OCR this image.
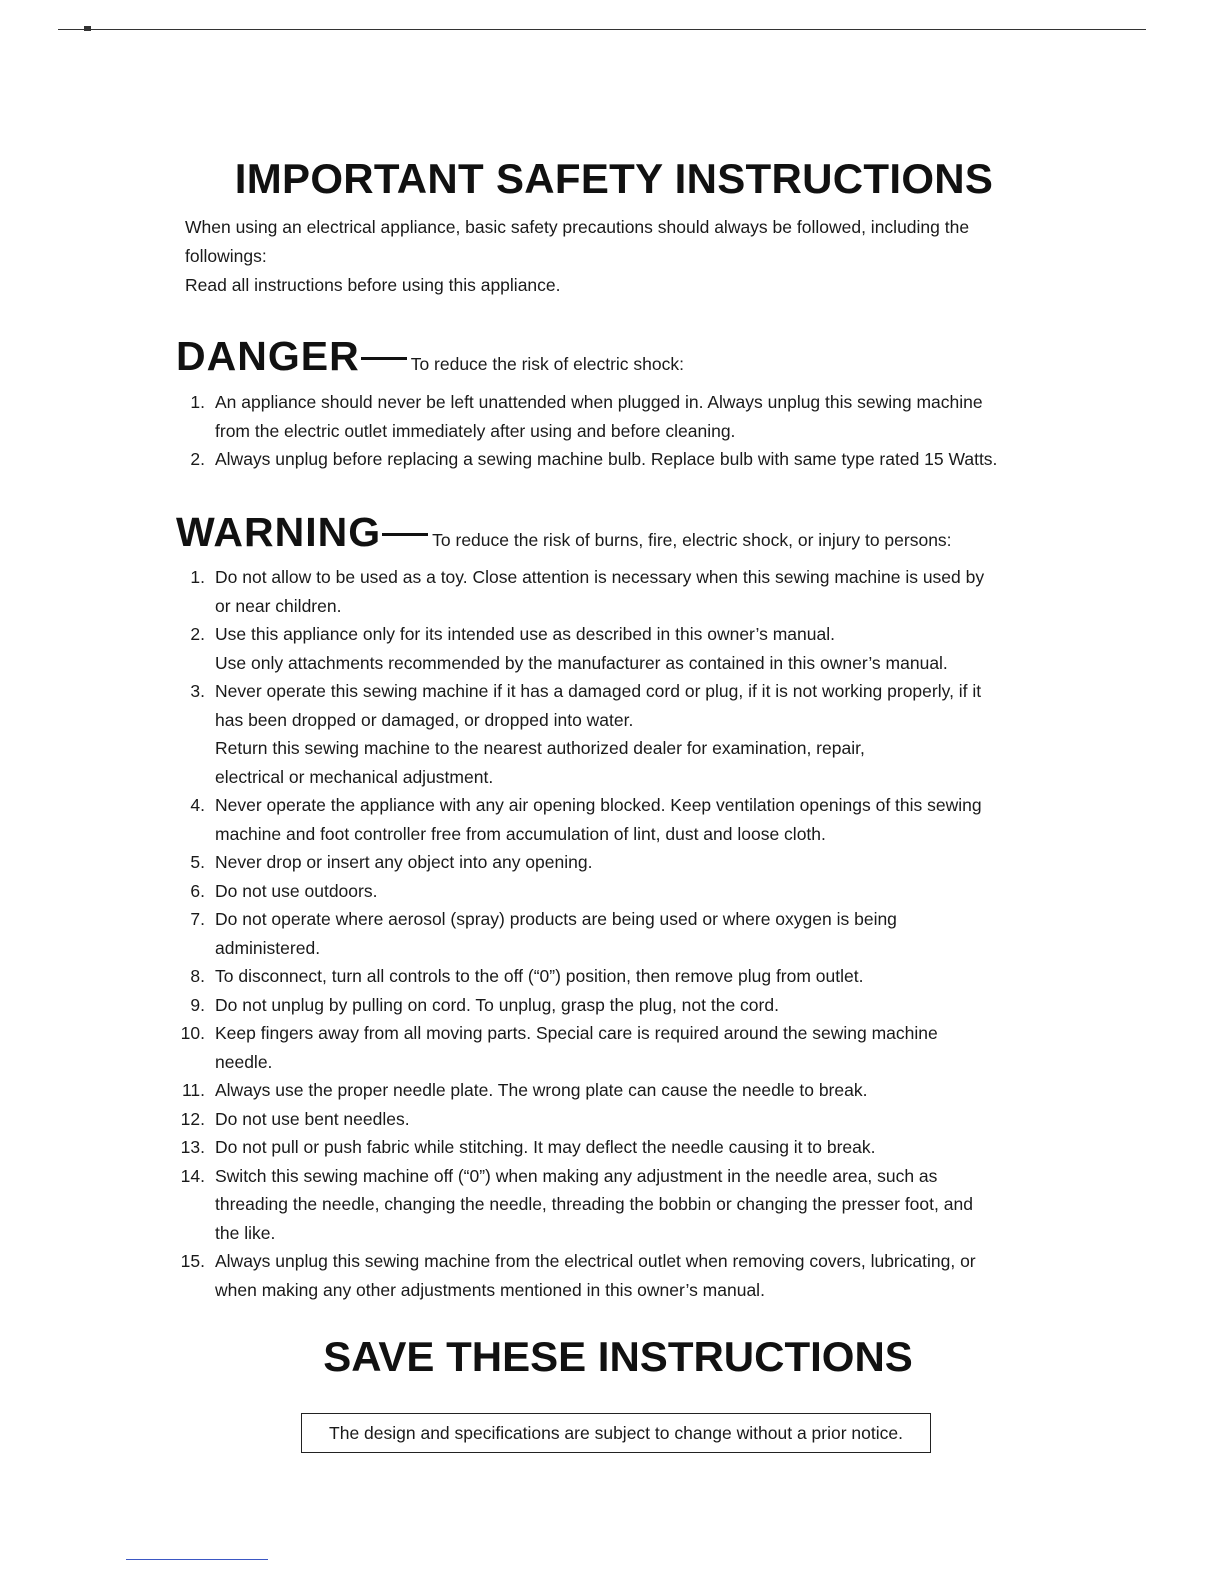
IMPORTANT SAFETY INSTRUCTIONS

When using an electrical appliance, basic safety precautions should always be followed, including the followings:

Read all instructions before using this appliance.

DANGER	To reduce the risk of electric shock:
1. An appliance should never be left unattended when plugged in. Always unplug this sewing machine
from the electric outlet immediately after using and before cleaning.
2. Always unplug before replacing a sewing machine bulb. Replace bulb with same type rated 15 Watts.
WARNING	To reduce the risk of burns, fire, electric shock, or injury to persons:
1. Do not allow to be used as a toy. Close attention is necessary when this sewing machine is used by
or near children.
2. Use this appliance only for its intended use as described in this owner’s manual.
Use only attachments recommended by the manufacturer as contained in this owner’s manual.
3. Never operate this sewing machine if it has a damaged cord or plug, if it is not working properly, if it
has been dropped or damaged, or dropped into water.
Return this sewing machine to the nearest authorized dealer for examination, repair,
electrical or mechanical adjustment.
4. Never operate the appliance with any air opening blocked. Keep ventilation openings of this sewing
machine and foot controller free from accumulation of lint, dust and loose cloth.
5. Never drop or insert any object into any opening.
6. Do not use outdoors.
7. Do not operate where aerosol (spray) products are being used or where oxygen is being
administered.
8. To disconnect, turn all controls to the off (“0”) position, then remove plug from outlet.
9. Do not unplug by pulling on cord. To unplug, grasp the plug, not the cord.
10. Keep fingers away from all moving parts. Special care is required around the sewing machine
needle.
11. Always use the proper needle plate. The wrong plate can cause the needle to break.
12. Do not use bent needles.
13. Do not pull or push fabric while stitching. It may deflect the needle causing it to break.
14. Switch this sewing machine off (“0”) when making any adjustment in the needle area, such as
threading the needle, changing the needle, threading the bobbin or changing the presser foot, and
the like.
15. Always unplug this sewing machine from the electrical outlet when removing covers, lubricating, or
when making any other adjustments mentioned in this owner’s manual.
SAVE THESE INSTRUCTIONS
The design and specifications are subject to change without a prior notice.
